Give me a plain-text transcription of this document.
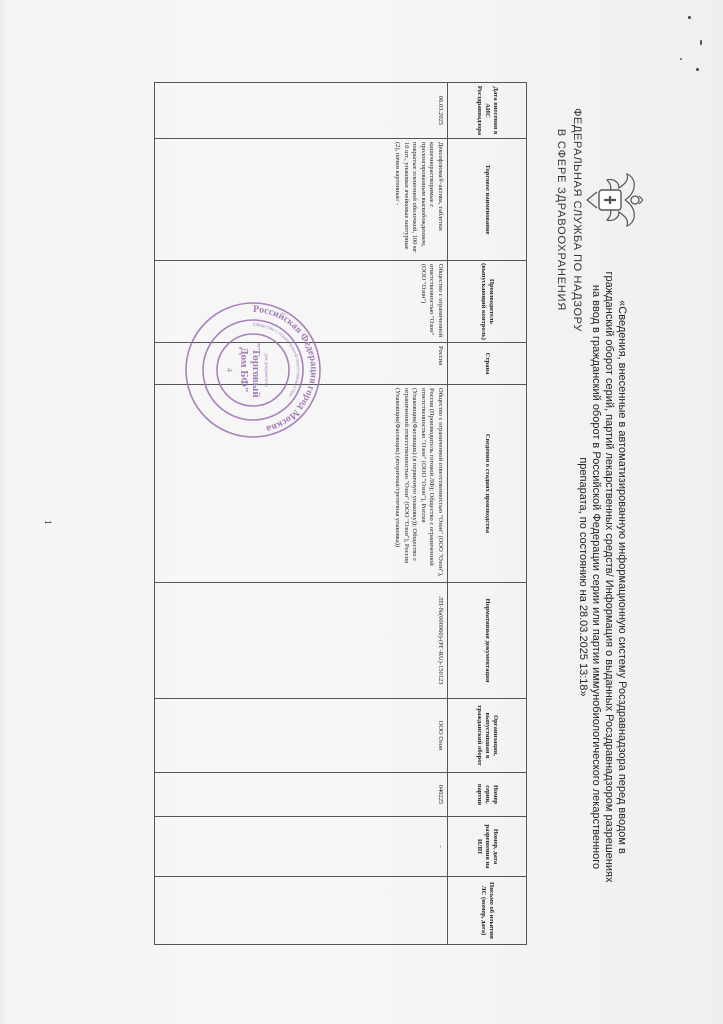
ФЕДЕРАЛЬНАЯ СЛУЖБА ПО НАДЗОРУ
В СФЕРЕ ЗДРАВООХРАНЕНИЯ
«Сведения, внесенные в автоматизированную информационную систему Росздравнадзора перед вводом в
гражданский оборот серий, партий лекарственных средств/ Информация о выданных Росздравнадзором разрешениях
на ввод в гражданский оборот в Российской Федерации серии или партии иммунобиологического лекарственного
препарата, по состоянию на 28.03.2025 13:18»
Дата внесения в АИС Росздравнадзора	Торговое наименование	Производитель (выпускающий контроль)	Страна	Сведения о стадиях производства	Нормативная документация	Организация, выпустившая в гражданский оборот	Номер серии, партии	Номер, дата разрешения на ИЛП	Письмо об изъятии ЛС (номер, дата)
06.03.2025	Дексофлюма®-актива, таблетки кишечнорастворимые с пролонгированным высвобождением, покрытые пленочной оболочкой, 100 мг 10 шт., упаковки ячейковые контурные (2), пачки картонные/ -	Общество с ограниченной ответственностью "Озон" (ООО "Озон")	Россия	Общество с ограниченной ответственностью "Озон" (ООО "Озон"), Россия (Производитель готовой ЛФ); Общество с ограниченной ответственностью "Озон" (ООО "Озон"), Россия (Упаковщик(Фасовщик) (в первичную упаковку)); Общество с ограниченной ответственностью "Озон" (ООО "Озон"), Россия (Упаковщик(Фасовщик) (вторичная/третичная упаковка))	ЛП-№(000960)-(РГ-RU)-150123	ООО Озон	040225	-	
Российская Федерация город Москва
Общество с ограниченной ответственностью
для документов
"Торговый
Дом БФ"
4
1
